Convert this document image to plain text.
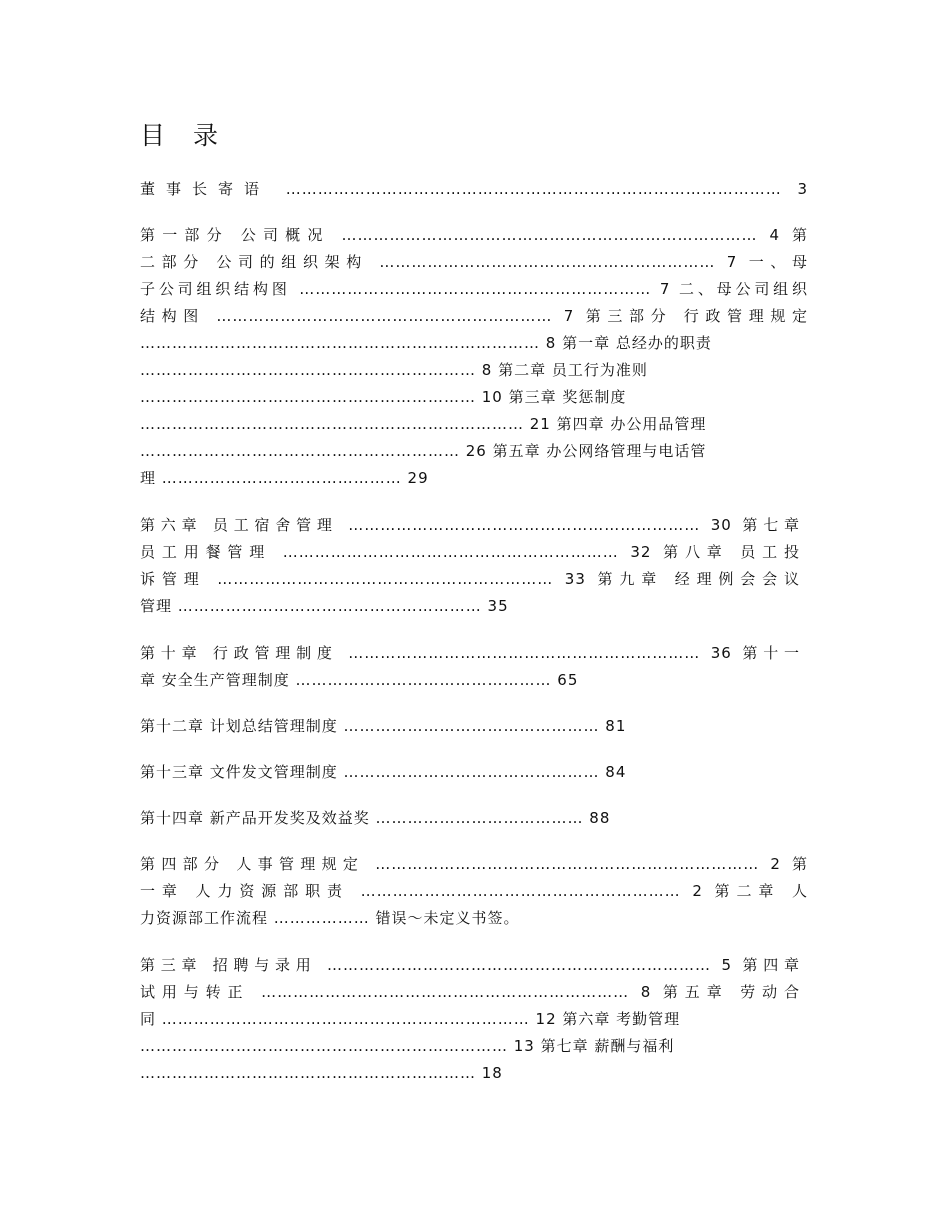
目 录
董事长寄语 ………………………………………………………………………………… 3
第一部分 公司概况 …………………………………………………………………… 4 第
二部分 公司的组织架构 ……………………………………………………… 7 一、母
子公司组织结构图 ………………………………………………………… 7 二、母公司组织
结构图 ……………………………………………………… 7 第三部分 行政管理规定
………………………………………………………………… 8 第一章 总经办的职责
……………………………………………………… 8 第二章 员工行为准则
……………………………………………………… 10 第三章 奖惩制度
……………………………………………………………… 21 第四章 办公用品管理
…………………………………………………… 26 第五章 办公网络管理与电话管
理 ……………………………………… 29
第六章 员工宿舍管理 ………………………………………………………… 30 第七章
员工用餐管理 ……………………………………………………… 32 第八章 员工投
诉管理 ……………………………………………………… 33 第九章 经理例会会议
管理 ………………………………………………… 35
第十章 行政管理制度 ………………………………………………………… 36 第十一
章 安全生产管理制度 ………………………………………… 65
第十二章 计划总结管理制度 ………………………………………… 81
第十三章 文件发文管理制度 ………………………………………… 84
第十四章 新产品开发奖及效益奖 ………………………………… 88
第四部分 人事管理规定 ……………………………………………………………… 2 第
一章 人力资源部职责 …………………………………………………… 2 第二章 人
力资源部工作流程 ……………… 错误～未定义书签。
第三章 招聘与录用 ……………………………………………………………… 5 第四章
试用与转正 …………………………………………………………… 8 第五章 劳动合
同 …………………………………………………………… 12 第六章 考勤管理
…………………………………………………………… 13 第七章 薪酬与福利
……………………………………………………… 18
